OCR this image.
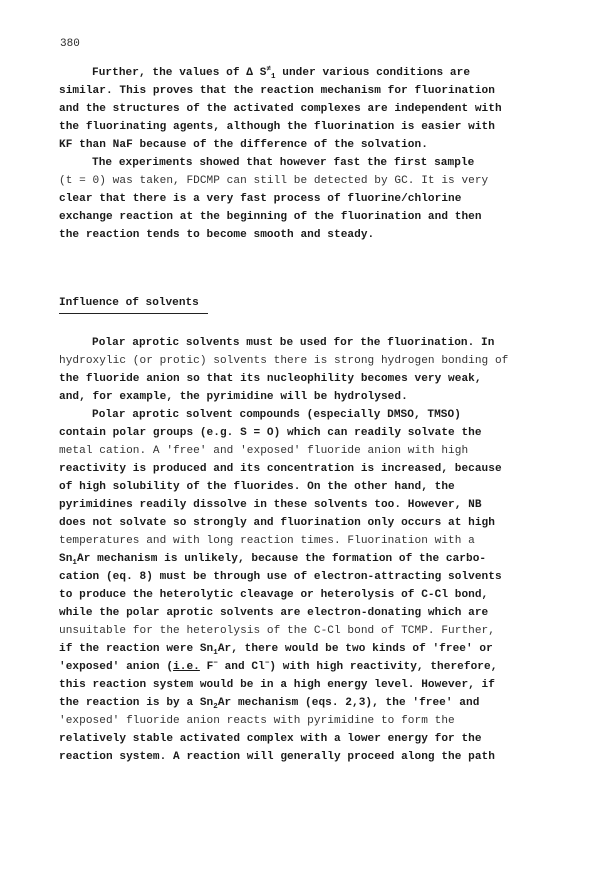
380
Further, the values of Δ $S^\ne_1$ under various conditions are
similar. This proves that the reaction mechanism for fluorination
and the structures of the activated complexes are independent with
the fluorinating agents, although the fluorination is easier with
KF than NaF because of the difference of the solvation.
The experiments showed that however fast the first sample
(t = 0) was taken, FDCMP can still be detected by GC. It is very
clear that there is a very fast process of fluorine/chlorine
exchange reaction at the beginning of the fluorination and then
the reaction tends to become smooth and steady.
Influence of solvents
Polar aprotic solvents must be used for the fluorination. In
hydroxylic (or protic) solvents there is strong hydrogen bonding of
the fluoride anion so that its nucleophility becomes very weak,
and, for example, the pyrimidine will be hydrolysed.
Polar aprotic solvent compounds (especially DMSO, TMSO)
contain polar groups (e.g. S = O) which can readily solvate the
metal cation. A 'free' and 'exposed' fluoride anion with high
reactivity is produced and its concentration is increased, because
of high solubility of the fluorides. On the other hand, the
pyrimidines readily dissolve in these solvents too. However, NB
does not solvate so strongly and fluorination only occurs at high
temperatures and with long reaction times. Fluorination with a
$Sn_1Ar$ mechanism is unlikely, because the formation of the carbo-
cation (eq. 8) must be through use of electron-attracting solvents
to produce the heterolytic cleavage or heterolysis of C-Cl bond,
while the polar aprotic solvents are electron-donating which are
unsuitable for the heterolysis of the C-Cl bond of TCMP. Further,
if the reaction were $Sn_1Ar$, there would be two kinds of 'free' or
'exposed' anion (i.e. F− and Cl−) with high reactivity, therefore,
this reaction system would be in a high energy level. However, if
the reaction is by a $Sn_2Ar$ mechanism (eqs. 2,3), the 'free' and
'exposed' fluoride anion reacts with pyrimidine to form the
relatively stable activated complex with a lower energy for the
reaction system. A reaction will generally proceed along the path
